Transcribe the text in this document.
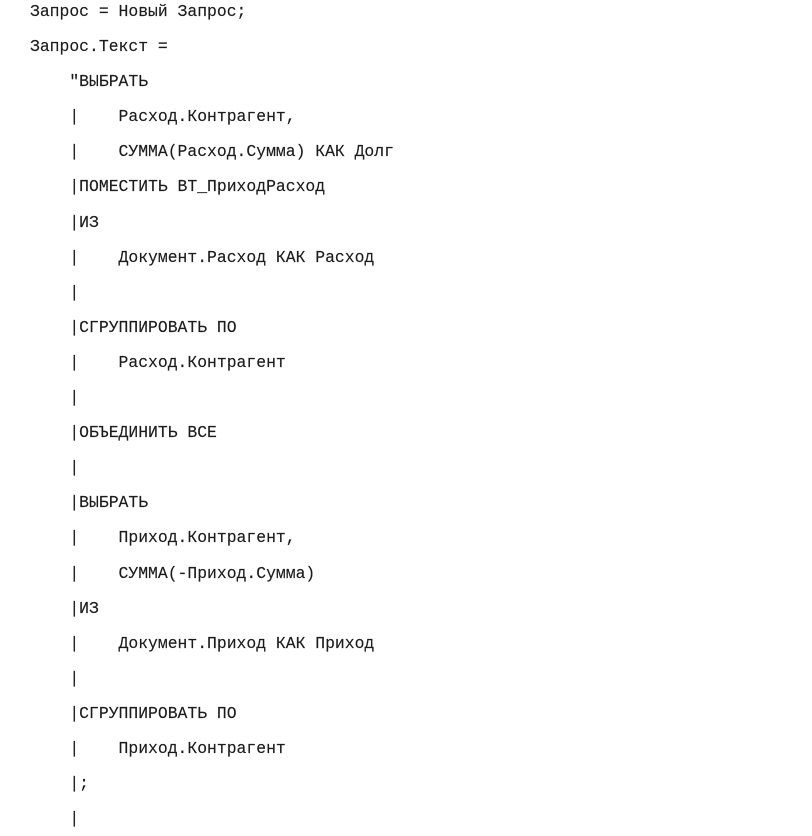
Запрос = Новый Запрос;
Запрос.Текст =
"ВЫБРАТЬ
|    Расход.Контрагент,
|    СУММА(Расход.Сумма) КАК Долг
|ПОМЕСТИТЬ ВТ_ПриходРасход
|ИЗ
|    Документ.Расход КАК Расход
|
|СГРУППИРОВАТЬ ПО
|    Расход.Контрагент
|
|ОБЪЕДИНИТЬ ВСЕ
|
|ВЫБРАТЬ
|    Приход.Контрагент,
|    СУММА(-Приход.Сумма)
|ИЗ
|    Документ.Приход КАК Приход
|
|СГРУППИРОВАТЬ ПО
|    Приход.Контрагент
|;
|
